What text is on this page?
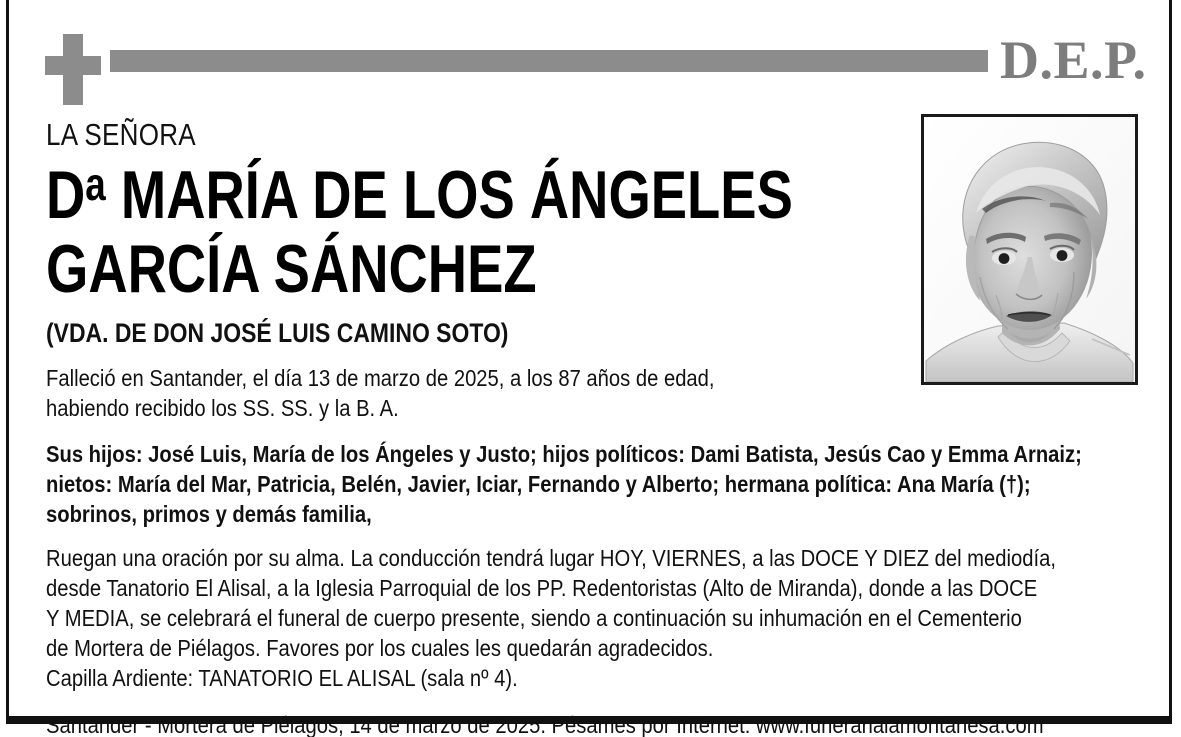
D.E.P.
LA SEÑORA
$D^a$ MARÍA DE LOS ÁNGELES
GARCÍA SÁNCHEZ
(VDA. DE DON JOSÉ LUIS CAMINO SOTO)
Falleció en Santander, el día 13 de marzo de 2025, a los 87 años de edad,
habiendo recibido los SS. SS. y la B. A.
Sus hijos: José Luis, María de los Ángeles y Justo; hijos políticos: Dami Batista, Jesús Cao y Emma Arnaiz;
nietos: María del Mar, Patricia, Belén, Javier, Iciar, Fernando y Alberto; hermana política: Ana María (†);
sobrinos, primos y demás familia,
Ruegan una oración por su alma. La conducción tendrá lugar HOY, VIERNES, a las DOCE Y DIEZ del mediodía,
desde Tanatorio El Alisal, a la Iglesia Parroquial de los PP. Redentoristas (Alto de Miranda), donde a las DOCE
Y MEDIA, se celebrará el funeral de cuerpo presente, siendo a continuación su inhumación en el Cementerio
de Mortera de Piélagos. Favores por los cuales les quedarán agradecidos.
Capilla Ardiente: TANATORIO EL ALISAL (sala nº 4).
Santander - Mortera de Piélagos, 14 de marzo de 2025. Pésames por Internet: www.funerarialamontanesa.com
